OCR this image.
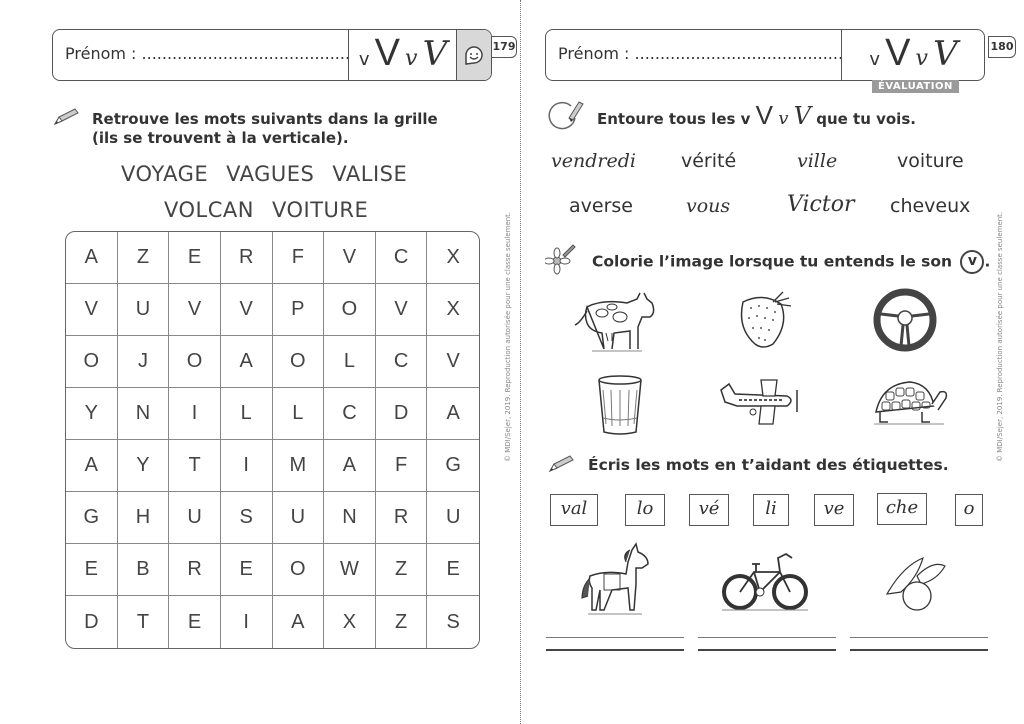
Prénom : ......................................... v V v V	179
Retrouve les mots suivants dans la grille
(ils se trouvent à la verticale).
VOYAGE VAGUES VALISE
VOLCAN VOITURE
A	Z	E	R	F	V	C	X
V	U	V	V	P	O	V	X
O	J	O	A	O	L	C	V
Y	N	I	L	L	C	D	A
A	Y	T	I	M	A	F	G
G	H	U	S	U	N	R	U
E	B	R	E	O	W	Z	E
D	T	E	I	A	X	Z	S
© MDI/Sejer, 2019. Reproduction autorisée pour une classe seulement.
Prénom : .........................................	v V v V	180
ÉVALUATION
Entoure tous les v V v V que tu vois.
vendredi vérité	ville	voiture
averse	vous	Victor cheveux
Colorie l’image lorsque tu entends le son v .
Écris les mots en t’aidant des étiquettes.
val	lo	vé	li	ve	che	o
© MDI/Sejer, 2019. Reproduction autorisée pour une classe seulement.
